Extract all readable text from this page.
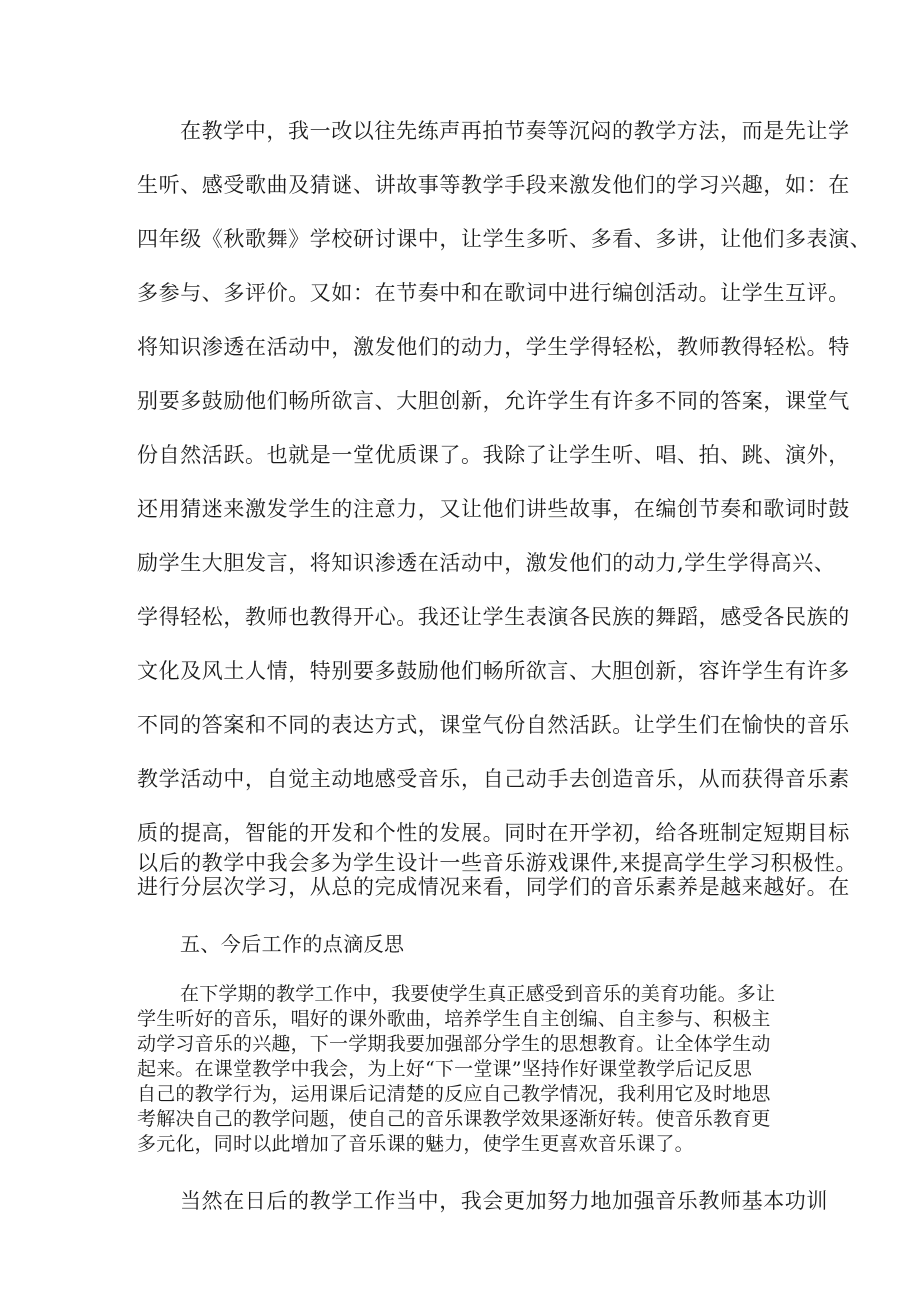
在教学中，我一改以往先练声再拍节奏等沉闷的教学方法，而是先让学
生听、感受歌曲及猜谜、讲故事等教学手段来激发他们的学习兴趣，如：在
四年级《秋歌舞》学校研讨课中，让学生多听、多看、多讲，让他们多表演、
多参与、多评价。又如：在节奏中和在歌词中进行编创活动。让学生互评。
将知识渗透在活动中，激发他们的动力，学生学得轻松，教师教得轻松。特
别要多鼓励他们畅所欲言、大胆创新，允许学生有许多不同的答案，课堂气
份自然活跃。也就是一堂优质课了。我除了让学生听、唱、拍、跳、演外，
还用猜迷来激发学生的注意力，又让他们讲些故事，在编创节奏和歌词时鼓
励学生大胆发言，将知识渗透在活动中，激发他们的动力,学生学得高兴、
学得轻松，教师也教得开心。我还让学生表演各民族的舞蹈，感受各民族的
文化及风土人情，特别要多鼓励他们畅所欲言、大胆创新，容许学生有许多
不同的答案和不同的表达方式，课堂气份自然活跃。让学生们在愉快的音乐
教学活动中，自觉主动地感受音乐，自己动手去创造音乐，从而获得音乐素
质的提高，智能的开发和个性的发展。同时在开学初，给各班制定短期目标
进行分层次学习，从总的完成情况来看，同学们的音乐素养是越来越好。在
以后的教学中我会多为学生设计一些音乐游戏课件,来提高学生学习积极性。
五、今后工作的点滴反思
在下学期的教学工作中，我要使学生真正感受到音乐的美育功能。多让
学生听好的音乐，唱好的课外歌曲，培养学生自主创编、自主参与、积极主
动学习音乐的兴趣，下一学期我要加强部分学生的思想教育。让全体学生动
起来。在课堂教学中我会，为上好“下一堂课”坚持作好课堂教学后记反思
自己的教学行为，运用课后记清楚的反应自己教学情况，我利用它及时地思
考解决自己的教学问题，使自己的音乐课教学效果逐渐好转。使音乐教育更
多元化，同时以此增加了音乐课的魅力，使学生更喜欢音乐课了。
当然在日后的教学工作当中，我会更加努力地加强音乐教师基本功训
